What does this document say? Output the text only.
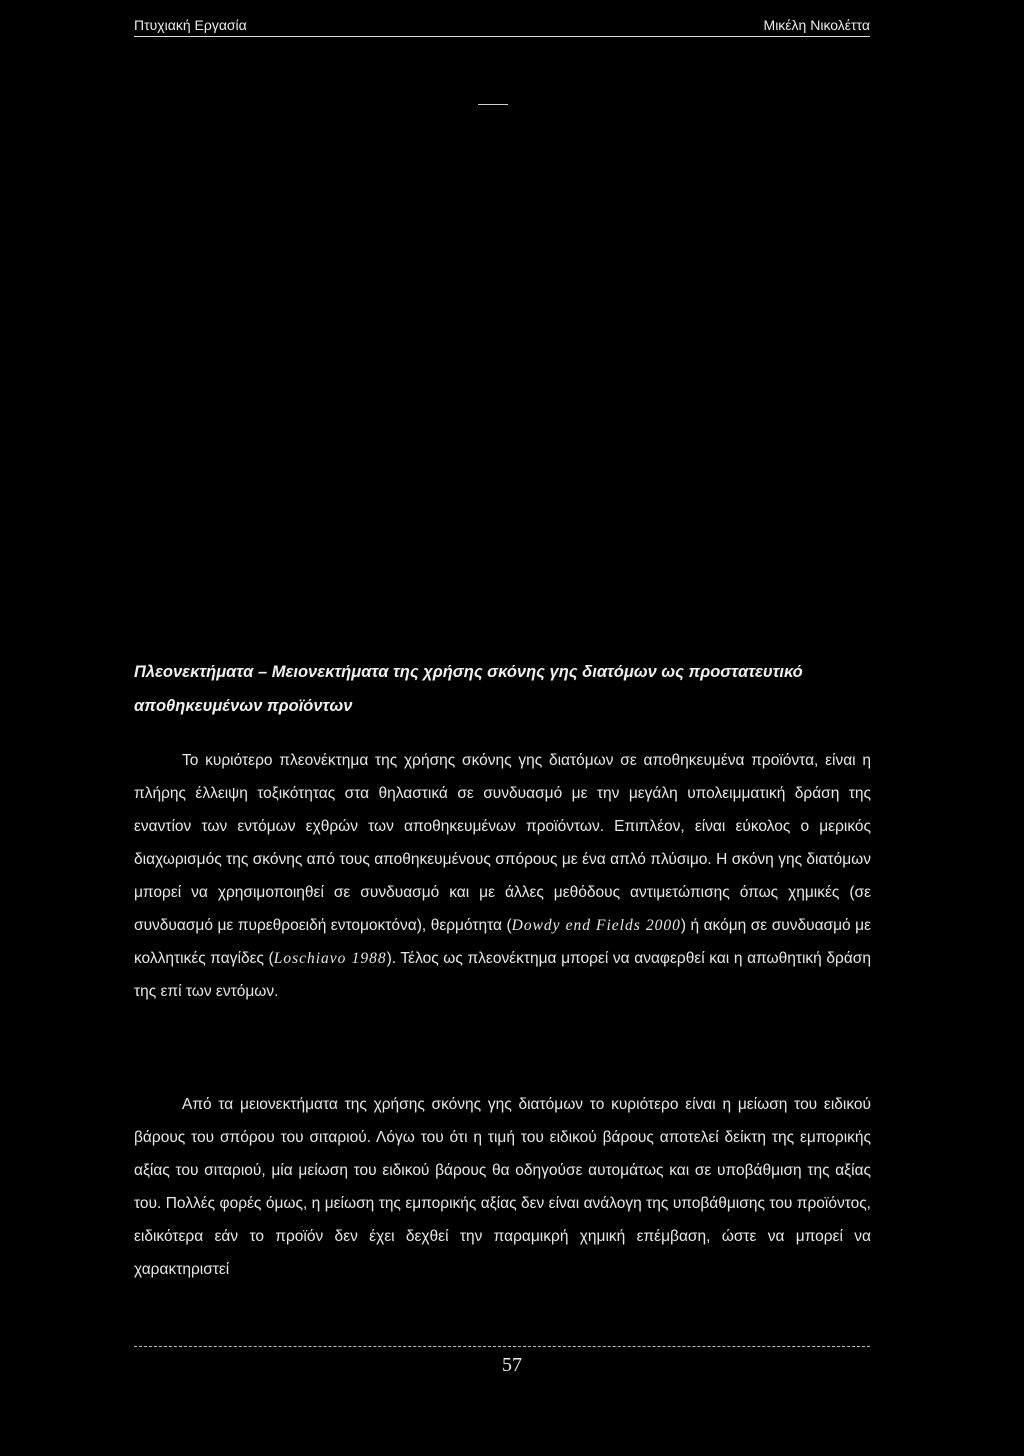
Πτυχιακή Εργασία	Μικέλη Νικολέττα
Πλεονεκτήματα – Μειονεκτήματα της χρήσης σκόνης γης διατόμων ως προστατευτικό αποθηκευμένων προϊόντων
Το κυριότερο πλεονέκτημα της χρήσης σκόνης γης διατόμων σε αποθηκευμένα προϊόντα, είναι η πλήρης έλλειψη τοξικότητας στα θηλαστικά σε συνδυασμό με την μεγάλη υπολειμματική δράση της εναντίον των εντόμων εχθρών των αποθηκευμένων προϊόντων. Επιπλέον, είναι εύκολος ο μερικός διαχωρισμός της σκόνης από τους αποθηκευμένους σπόρους με ένα απλό πλύσιμο. Η σκόνη γης διατόμων μπορεί να χρησιμοποιηθεί σε συνδυασμό και με άλλες μεθόδους αντιμετώπισης όπως χημικές (σε συνδυασμό με πυρεθροειδή εντομοκτόνα), θερμότητα (Dowdy end Fields 2000) ή ακόμη σε συνδυασμό με κολλητικές παγίδες (Loschiavo 1988). Τέλος ως πλεονέκτημα μπορεί να αναφερθεί και η απωθητική δράση της επί των εντόμων.
Από τα μειονεκτήματα της χρήσης σκόνης γης διατόμων το κυριότερο είναι η μείωση του ειδικού βάρους του σπόρου του σιταριού. Λόγω του ότι η τιμή του ειδικού βάρους αποτελεί δείκτη της εμπορικής αξίας του σιταριού, μία μείωση του ειδικού βάρους θα οδηγούσε αυτομάτως και σε υποβάθμιση της αξίας του. Πολλές φορές όμως, η μείωση της εμπορικής αξίας δεν είναι ανάλογη της υποβάθμισης του προϊόντος, ειδικότερα εάν το προϊόν δεν έχει δεχθεί την παραμικρή χημική επέμβαση, ώστε να μπορεί να χαρακτηριστεί
57
